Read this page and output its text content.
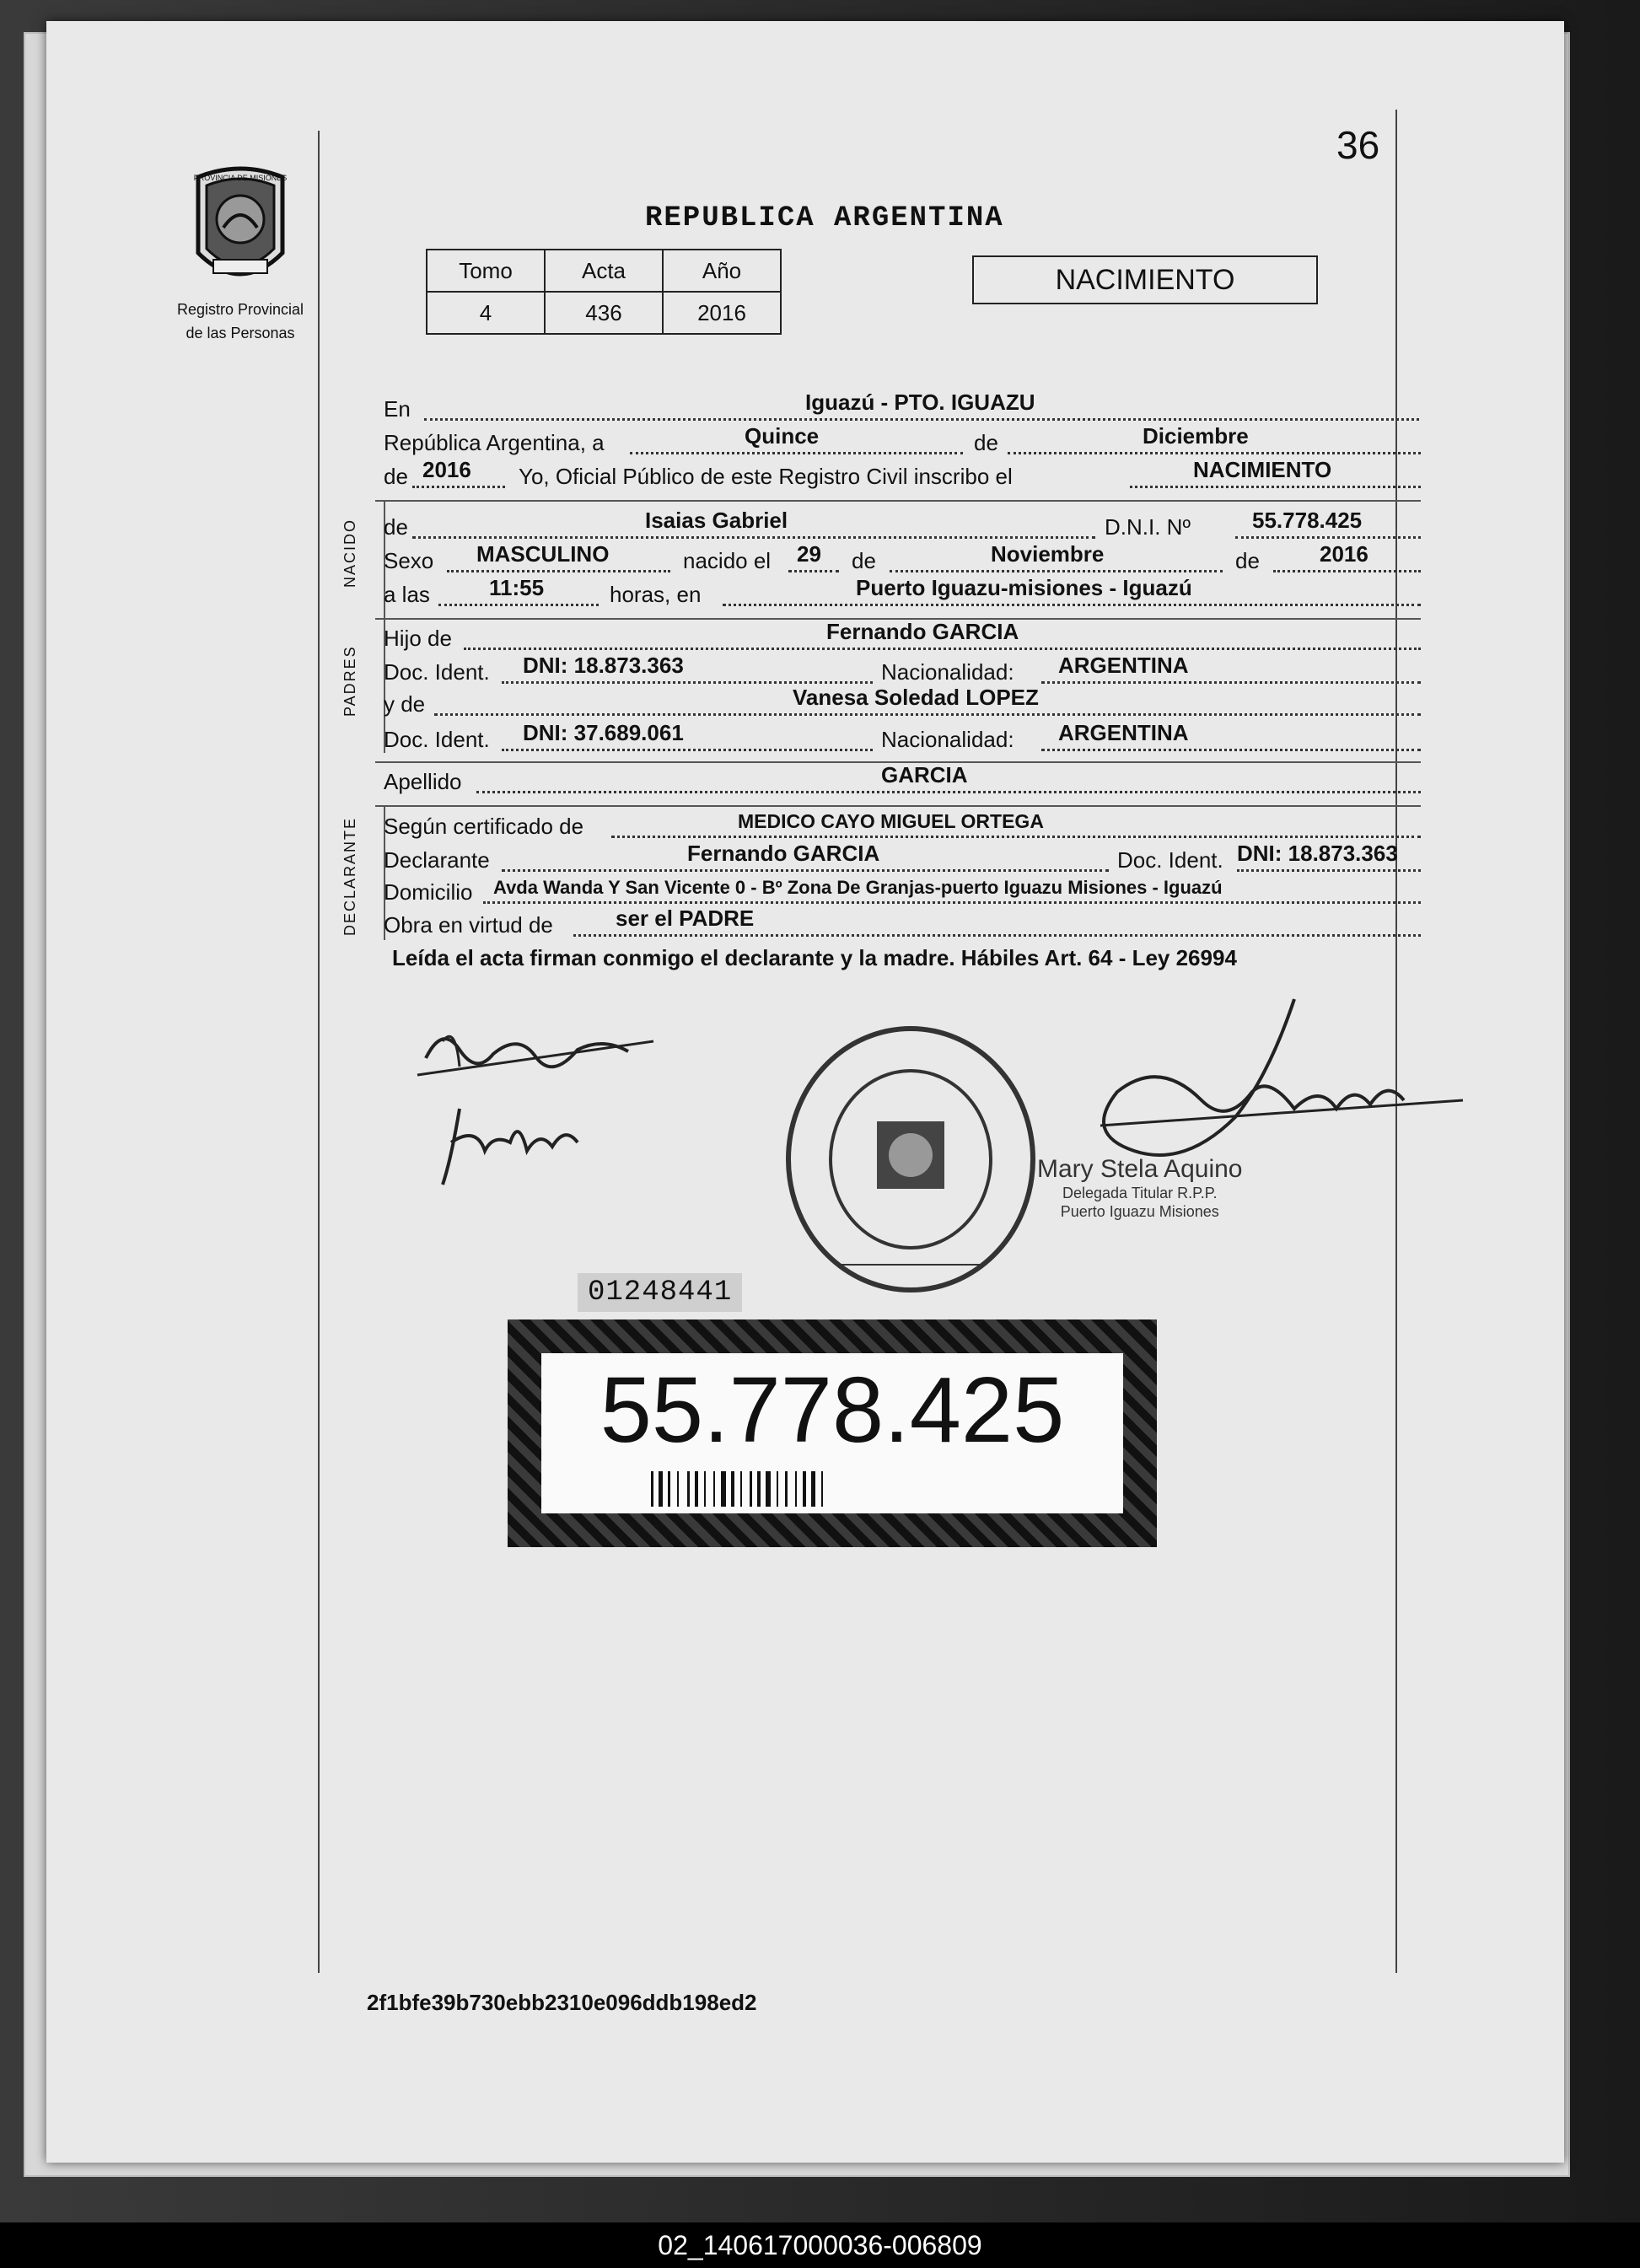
36
PROVINCIA DE MISIONES
Registro Provincial
de las Personas
REPUBLICA ARGENTINA
Tomo	Acta	Año
4	436	2016
NACIMIENTO
En	Iguazú - PTO. IGUAZU
República Argentina, a	Quince	de	Diciembre
de 2016 Yo, Oficial Público de este Registro Civil inscribo el	NACIMIENTO
NACIDO de	Isaias Gabriel	D.N.I. Nº	55.778.425
Sexo MASCULINO	nacido el 29 de	Noviembre	de	2016
a las	11:55	horas, en	Puerto Iguazu-misiones - Iguazú
PADRES
Hijo de	Fernando GARCIA
Doc. Ident. DNI: 18.873.363	Nacionalidad: ARGENTINA
y de	Vanesa Soledad LOPEZ
Doc. Ident. DNI: 37.689.061	Nacionalidad: ARGENTINA
Apellido	GARCIA
DECLARANTE Según certificado de	MEDICO CAYO MIGUEL ORTEGA
Declarante	Fernando GARCIA	Doc. Ident. DNI: 18.873.363
Domicilio Avda Wanda Y San Vicente 0 - Bº Zona De Granjas-puerto Iguazu Misiones - Iguazú
Obra en virtud de	ser el PADRE
Leída el acta firman conmigo el declarante y la madre. Hábiles Art. 64 - Ley 26994
Mary Stela Aquino
Delegada Titular R.P.P.
Puerto Iguazu Misiones
01248441
55.778.425
2f1bfe39b730ebb2310e096ddb198ed2
02_140617000036-006809
